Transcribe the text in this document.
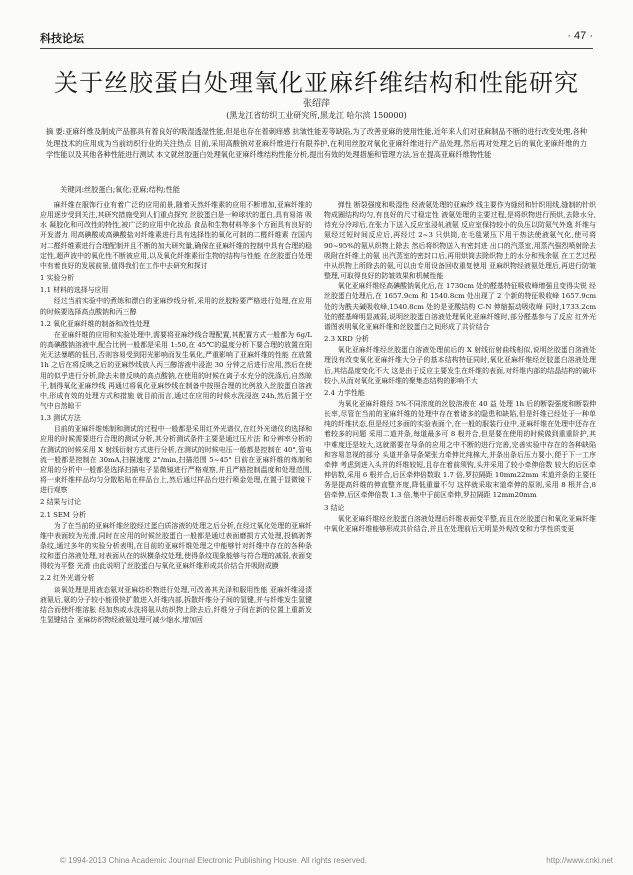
科技论坛	· 47 ·
关于丝胶蛋白处理氧化亚麻纤维结构和性能研究
张绍萍
(黑龙江省纺织工业研究所,黑龙江 哈尔滨 150000)
摘 要:亚麻纤维及制成产品都具有着良好的吸湿透湿性能,但是也存在着刺痒感 抗皱性能差等缺陷,为了改善亚麻的使用性能,近年来人们对亚麻制品不断的进行改变处理,各种处理技术的应用成为当前纺织行业的关注热点 目前,采用高酸钠对亚麻纤维进行有限养护,在利用丝胶对氧化亚麻纤维进行产品处理,然后再对处理之后的氧化亚麻纤维的力学性能以及其他各种性能进行测试 本文就丝胶蛋白处理氧化亚麻纤维结构性能分析,提出有效的处理措施和管理方法,旨在提高亚麻纤维物性能
关键词:丝胶蛋白;氧化;亚麻;结构;性能

麻纤维在服饰行业有着广泛的应用前景,随着天然纤维素的应用不断增加,亚麻纤维的应用逐步受到关注,其研究措施受到人们重点探究 丝胶蛋白是一种球状的蛋白,具有易溶 吸水 凝胶化和可改性的特性,被广泛的应用中化妆品 食品和生物材料等多个方面具有良好的开发潜力 用高碘酸或高碘酸盐对纤维素进行具有选择性的氧化可制的二醛纤维素 在国内对二醛纤维素进行合理配制并且不断的加大研究量,确保在亚麻纤维的控制中具有合理的稳定性,超声波中的氧化性不断被应用,以及氧化纤维素衍生物的结构与性能 在丝胶蛋白处理中有着良好的发展前景,值得我们在工作中去研究和探讨

1 实验分析
1.1 材料的选择与应用

经过当前实验中的煮练和漂白的亚麻纱线分析,采用的丝胶粉要严格进行处理,在应用的时候要选择高点酸钠和丙三醇

1.2 氧化亚麻纤维的制备和改性处理

在亚麻纤维的应用和实验处理中,需要将亚麻纱线合理配置,其配置方式一般都为 6g/L 的高碘酸钠溶液中,配合比例一般都是采用 1:50,在 45℃的温度分析下要合理的放置在阳光无法暴晒的低吕,否则容易受到阳光影响而发生氧化,严重影响了亚麻纤维的性能 在放置 1h 之后在将反映之后的亚麻纱线放入丙三醇溶液中浸泡 30 分钟之后进行应用,然后在使用的似乎进行分析,除去未曾反映的高点酸钠,在使用的时候在离子水充分的洗涤后,自然晾干,制得氧化亚麻纱线 再通过将氧化亚麻纱线在制备中按照合理的比例放入丝胶蛋白溶液中,形成有效的处理方式和措施 就目前而言,通过在应用的时候水洗浸泡 24h,然后置于空气中自然晾干

1.3 测试方法

目前的亚麻纤维炼制和测试的过程中一般都是采用红外光谱仪,在红外光谱仪的选择和应用的时候需要进行合理的测试分析,其分析测试条件主要是通过压片法 和分辨率分析的 在测试的时候采用 X 射线衍射方式进行分析,在测试的时候电压一般都是控制在 40°,管电流一般都是控制在 30mA,扫描速度 2°/min,扫描范围 5~45° 目前在亚麻纤维的炼制和应用的分析中一般都是选择扫描电子显微镜进行严格观察,并且严格控制温度和处理范围,将一束纤维样品均匀分散粘贴在样品台上,然后通过样品台进行喷金处理,在置于显微镜下进行观察

2 结果与讨论
2.1 SEM 分析

为了在当前的亚麻纤维丝胶经过蛋白质溶液的处理之后分析,在经过氧化处理的亚麻纤维中表面较为光滑,同时在应用的时候丝胶蛋白一般都是通过表面磨损方式处理,投稿剥荠条纹,通过多年的实验分析表明,在目前的亚麻纤维处理之中能够针对纤维中存在的各种条纹和蛋白溶液处理,对表面从在的纵横条纹处理,使得条纹现象能够与符合理的减弱,表面变得较为平整 光滑 由此说明了丝胶蛋白与氧化亚麻纤维形成共价结合并吸附成膜

2.2 红外光谱分析

谈氧处理是用液态氨对亚麻纺织物进行处理,可改善其光泽和服用性能 亚麻纤维浸渍液氨后,氨的分子较小能很快扩散进入纤维内部,拆散纤维分子间的氢键,并与纤维发生氢键结合而使纤维溶胀 经加热或水洗将氨从纺织物上除去后,纤维分子间在新的位置上重新发生氢键结合 亚麻纺织物经液氨处理可减少缩水,增加回

弹性 断裂强度和吸湿性 经液氨处理的亚麻纱 线主要作为缝纫和针织用线,缝制的针织物成圈结构均匀,有良好的尺寸稳定性 液氨处理的主要过程,是将织物进行预烘,去除水分,待充分冷却后,在张力下送入反应室浸轧液氨 反应室保持较小的负压以防氨气外逸 纤维与氨经过短时间反应后,再经过 2~3 只烘筒,在毛毯紧压下用干热法使液氨气化,使可将 90~95%的氨从织物上除去 然后将织物送入有密封进 出口的汽蒸室,用蒸汽强烈喷射除去吸附在纤维上的氨 出汽蒸室的密封口后,再用烘筒去除织物上的水分和残余氨 在工艺过程中从织物上所除去的氨,可以由专用设备回收重复使用 亚麻织物经液氨处理后,再进行防皱整理,可取得良好的防皱效果和机械性能

氧化亚麻纤维经高碘酸钠氧化后,在 1730cm 处的醛基特征吸收峰增强且变得尖锐 经丝胶蛋白处理后,在 1657.9cm 和 1540.8cm 处出现了 2 个新的特征吸收峰 1657.9cm 处的为酰夫碱吸收峰,1540.8cm 处的是亚酸结构 C-N 伸缩振动吸收峰 同时,1733.2cm 处的醛基峰明显减弱,说明丝胶蛋白溶液处理氧化亚麻纤维时,部分醛基参与了反应 红外光谱图表明氧化亚麻纤维和丝胶蛋白之间形成了共价结合

2.3 XRD 分析

氧化亚麻纤维经丝胶蛋白溶液处理前后的 X 射线衍射曲线相似,说明丝胶蛋白溶液处理没有改变氧化亚麻纤维大分子的基本结构特征同时,氧化亚麻纤维经丝胶蛋白溶液处理后,其结晶度变化不大 这是由于反应主要发生在纤维的表面,对纤维内部的结晶结构的破坏较小,从而对氧化亚麻纤维的聚集态结构的影响不大

2.4 力学性能

为氧化亚麻纤维经 5%不同浓度的丝胶溶液在 40 益 处理 1h 后的断裂强度和断裂伸长率,尽管在当前的亚麻纤维的处理中存在着诸多的隐患和缺陷,但是纤维已经处于一种单纯的纤维状态,但是经过多面的实验表面个,在一般的服装行业中,亚麻纤维在处理中还存在着较多的问题 采用二道并条,每道最多可 8 根并合,但是要在使用的时候做到重重阶护,其中难度还是较大,这就需要在导条的应用之中不断的进行完善,完善实验中存在的各种缺陷和容易忽视的部分 头道并条导条架张力牵伸比纯棉大,并条出条后压力要小,便于下一工序牵伸 考虑到进入头并的纤维较短,且存在着前须钩,头并采用了较小牵伸倍数 较大的后区牵伸倍数,采用 6 根并合,后区牵伸倍数取 1.7 倍,罗拉隔距 10mm22mm 末道并条的主要任务是提高纤维的伸直整齐度,降低重量不匀 这样就采取末道牵伸的原则,采用 8 根并合,8 倍牵伸,后区牵伸倍数 1.3 倍,集中于前区牵伸,罗拉隔距 12mm20mm

3 结论

氧化亚麻纤维经丝胶蛋白溶液处理后纤维表面变平整,而且在丝胶蛋白和氧化亚麻纤维中氧化亚麻纤维能够形成共价结合,并且在处理前后无明显外观改变和力学性质变更

© 1994-2013 China Academic Journal Electronic Publishing House. All rights reserved.	http://www.cnki.net
